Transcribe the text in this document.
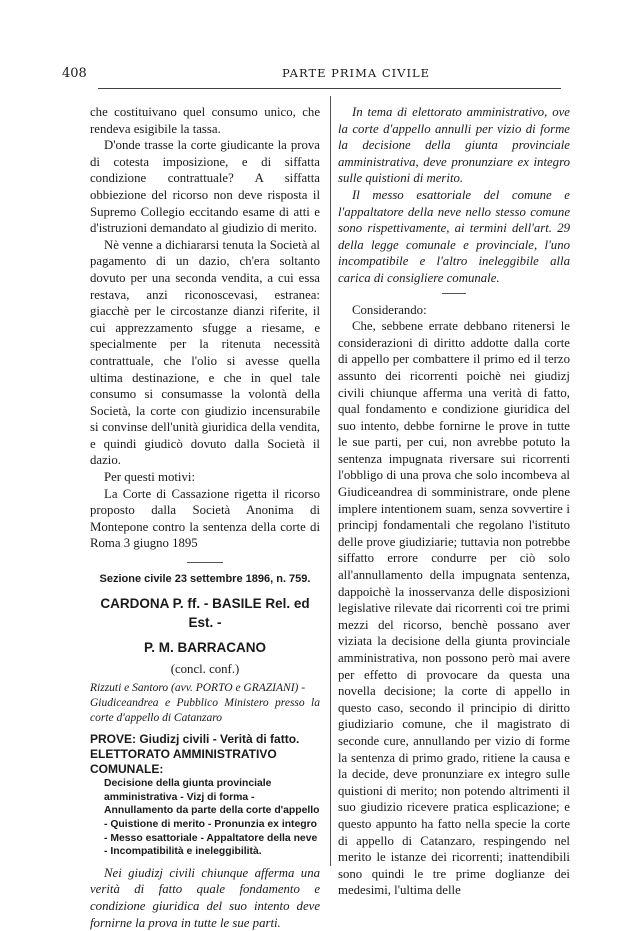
408	PARTE PRIMA CIVILE

che costituivano quel consumo unico, che rendeva esigibile la tassa.

D'onde trasse la corte giudicante la prova di cotesta imposizione, e di siffatta condizione contrattuale? A siffatta obbiezione del ricorso non deve risposta il Supremo Collegio eccitando esame di atti e d'istruzioni demandato al giudizio di merito.

Nè venne a dichiararsi tenuta la Società al pagamento di un dazio, ch'era soltanto dovuto per una seconda vendita, a cui essa restava, anzi riconoscevasi, estranea: giacchè per le circostanze dianzi riferite, il cui apprezzamento sfugge a riesame, e specialmente per la ritenuta necessità contrattuale, che l'olio si avesse quella ultima destinazione, e che in quel tale consumo si consumasse la volontà della Società, la corte con giudizio incensurabile si convinse dell'unità giuridica della vendita, e quindi giudicò dovuto dalla Società il dazio.

Per questi motivi:

La Corte di Cassazione rigetta il ricorso proposto dalla Società Anonima di Montepone contro la sentenza della corte di Roma 3 giugno 1895

Sezione civile 23 settembre 1896, n. 759.
CARDONA P. ff. - BASILE Rel. ed Est. -
P. M. BARRACANO
(concl. conf.)

Rizzuti e Santoro (avv. PORTO e GRAZIANI) -

Giudiceandrea e Pubblico Ministero presso la corte d'appello di Catanzaro

PROVE: Giudizj civili - Verità di fatto.
ELETTORATO AMMINISTRATIVO COMUNALE:
Decisione della giunta provinciale amministrativa - Vizj di forma - Annullamento da parte della corte d'appello - Quistione di merito - Pronunzia ex integro - Messo esattoriale - Appaltatore della neve - Incompatibilità e ineleggibilità.

Nei giudizj civili chiunque afferma una verità di fatto quale fondamento e condizione giuridica del suo intento deve fornirne la prova in tutte le sue parti.

In tema di elettorato amministrativo, ove la corte d'appello annulli per vizio di forme la decisione della giunta provinciale amministrativa, deve pronunziare ex integro sulle quistioni di merito.

Il messo esattoriale del comune e l'appaltatore della neve nello stesso comune sono rispettivamente, ai termini dell'art. 29 della legge comunale e provinciale, l'uno incompatibile e l'altro ineleggibile alla carica di consigliere comunale.

Considerando:

Che, sebbene errate debbano ritenersi le considerazioni di diritto addotte dalla corte di appello per combattere il primo ed il terzo assunto dei ricorrenti poichè nei giudizj civili chiunque afferma una verità di fatto, qual fondamento e condizione giuridica del suo intento, debbe fornirne le prove in tutte le sue parti, per cui, non avrebbe potuto la sentenza impugnata riversare sui ricorrenti l'obbligo di una prova che solo incombeva al Giudiceandrea di somministrare, onde plene implere intentionem suam, senza sovvertire i principj fondamentali che regolano l'istituto delle prove giudiziarie; tuttavia non potrebbe siffatto errore condurre per ciò solo all'annullamento della impugnata sentenza, dappoichè la inosservanza delle disposizioni legislative rilevate dai ricorrenti coi tre primi mezzi del ricorso, benchè possano aver viziata la decisione della giunta provinciale amministrativa, non possono però mai avere per effetto di provocare da questa una novella decisione; la corte di appello in questo caso, secondo il principio di diritto giudiziario comune, che il magistrato di seconde cure, annullando per vizio di forme la sentenza di primo grado, ritiene la causa e la decide, deve pronunziare ex integro sulle quistioni di merito; non potendo altrimenti il suo giudizio ricevere pratica esplicazione; e questo appunto ha fatto nella specie la corte di appello di Catanzaro, respingendo nel merito le istanze dei ricorrenti; inattendibili sono quindi le tre prime doglianze dei medesimi, l'ultima delle
